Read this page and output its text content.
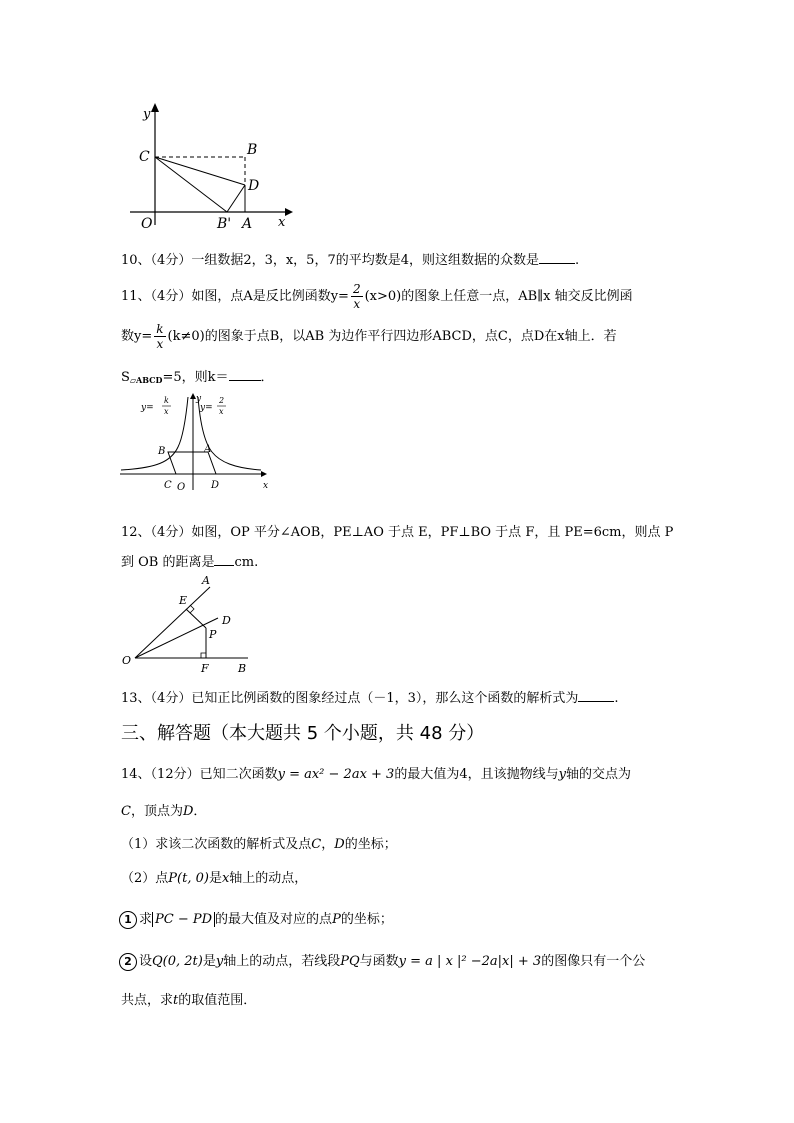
y
x
O
C	B
D
B' A
10、（4分）一组数据2，3，x，5，7的平均数是4，则这组数据的众数是	.
11、（4分）如图，点A是反比例函数$y= \frac{2}{x} (x>0)$的图象上任意一点，AB∥x 轴交反比例函
数$y= \frac{k}{x} (k\ne 0)$的图象于点B，以AB 为边作平行四边形ABCD，点C，点D在x轴上．若
$S_{▱ABCD}=5$，则k＝ ．
y=
k
x	y=
2
x
y
x
B	A
C O	D
12、（4分）如图，OP 平分∠AOB，PE⊥AO 于点 E，PF⊥BO 于点 F，且 PE=6cm，则点 P
到 OB 的距离是 cm.
A
E
D
P
O
F	B
13、（4分）已知正比例函数的图象经过点（－1，3），那么这个函数的解析式为	.
三、解答题（本大题共 5 个小题，共 48 分）
14、（12分）已知二次函数y = ax² − 2ax + 3的最大值为4，且该抛物线与y轴的交点为
C，顶点为D．
（1）求该二次函数的解析式及点C，D的坐标；
（2）点P(t, 0)是x轴上的动点，
1 求 PC − PD 的最大值及对应的点P的坐标；
2 设Q(0, 2t)是y轴上的动点，若线段PQ与函数y = a | x |² −2a|x| + 3的图像只有一个公
共点，求t的取值范围．
